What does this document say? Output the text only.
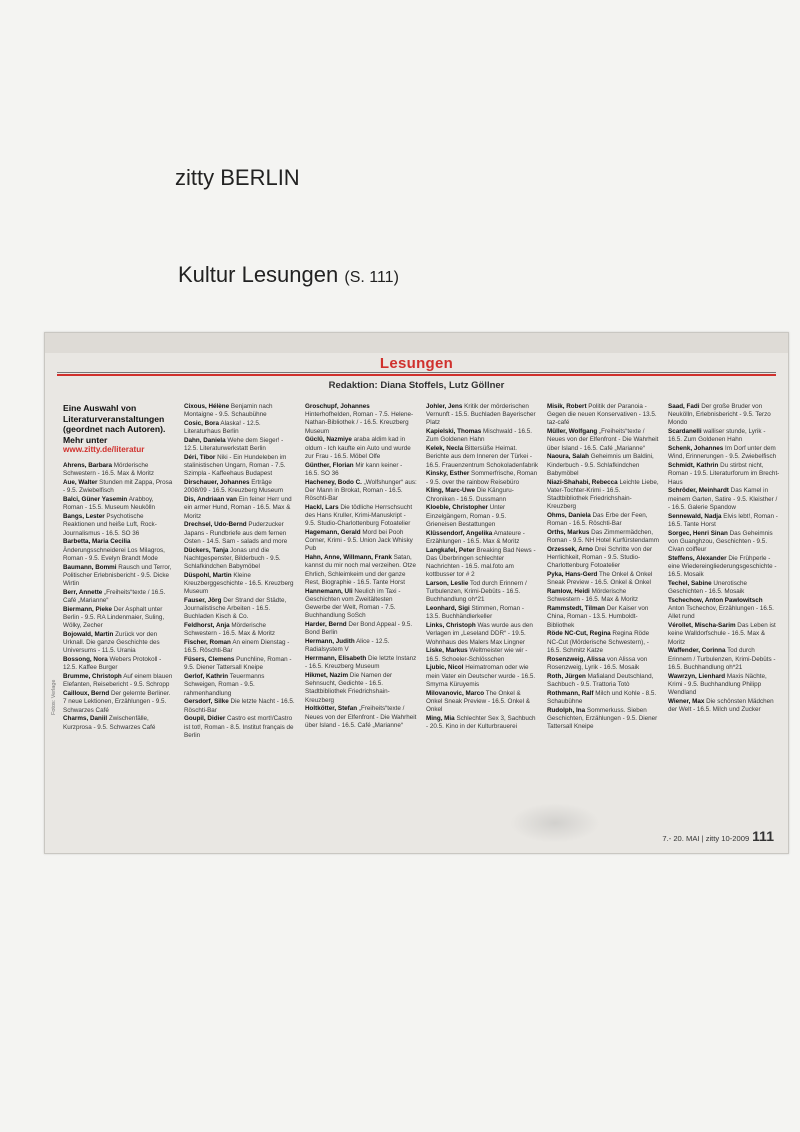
zitty BERLIN
Kultur Lesungen (S. 111)
Lesungen
Redaktion: Diana Stoffels, Lutz Göllner
Eine Auswahl von Literaturveranstaltungen (geordnet nach Autoren). Mehr unter
www.zitty.de/literatur

Ahrens, Barbara Mörderische Schwestern - 16.5. Max & Moritz

Aue, Walter Stunden mit Zappa, Prosa - 9.5. Zwiebelfisch

Balci, Güner Yasemin Arabboy, Roman - 15.5. Museum Neukölln

Bangs, Lester Psychotische Reaktionen und heiße Luft, Rock-Journalismus - 16.5. SO 36

Barbetta, Maria Cecilia Änderungsschneiderei Los Milagros, Roman - 9.5. Evelyn Brandt Mode

Baumann, Bommi Rausch und Terror, Politischer Erlebnisbericht - 9.5. Dicke Wirtin

Berr, Annette „Freiheits“texte / 16.5. Café „Marianne“

Biermann, Pieke Der Asphalt unter Berlin - 9.5. RA Lindenmaier, Suling, Wölky, Zecher

Bojowald, Martin Zurück vor den Urknall. Die ganze Geschichte des Universums - 11.5. Urania

Bossong, Nora Webers Protokoll - 12.5. Kaffee Burger

Brumme, Christoph Auf einem blauen Elefanten, Reisebericht - 9.5. Schropp

Cailloux, Bernd Der gelernte Berliner. 7 neue Lektionen, Erzählungen - 9.5. Schwarzes Café

Charms, Daniil Zwischenfälle, Kurzprosa - 9.5. Schwarzes Café

Cixous, Hélène Benjamin nach Montaigne - 9.5. Schaubühne

Cosic, Bora Alaska! - 12.5. Literaturhaus Berlin

Dahn, Daniela Wehe dem Sieger! - 12.5. Literaturwerkstatt Berlin

Déri, Tibor Niki - Ein Hundeleben im stalinistischen Ungarn, Roman - 7.5. Szimpla - Kaffeehaus Budapest

Dirschauer, Johannes Erträge 2008/09 - 16.5. Kreuzberg Museum

Dis, Andriaan van Ein feiner Herr und ein armer Hund, Roman - 16.5. Max & Moritz

Drechsel, Udo-Bernd Puderzucker Japans - Rundbriefe aus dem fernen Osten - 14.5. Sam - salads and more

Dückers, Tanja Jonas und die Nachtgespenster, Bilderbuch - 9.5. Schlafkindchen Babymöbel

Düspohl, Martin Kleine Kreuzberggeschichte - 16.5. Kreuzberg Museum

Fauser, Jörg Der Strand der Städte, Journalistische Arbeiten - 16.5. Buchladen Kisch & Co.

Feldhorst, Anja Mörderische Schwestern - 16.5. Max & Moritz

Fischer, Roman An einem Dienstag - 16.5. Röschti-Bar

Füsers, Clemens Punchline, Roman - 9.5. Diener Tattersall Kneipe

Gerlof, Kathrin Teuermanns Schweigen, Roman - 9.5. rahmenhandlung

Gersdorf, Silke Die letzte Nacht - 16.5. Röschti-Bar

Goupil, Didier Castro est mort!/Castro ist tot!, Roman - 8.5. Institut français de Berlin

Groschupf, Johannes Hinterhofhelden, Roman - 7.5. Helene-Nathan-Bibliothek / - 16.5. Kreuzberg Museum

Güclü, Nazmiye araba aldim kad in oldum - Ich kaufte ein Auto und wurde zur Frau - 16.5. Möbel Olfe

Günther, Florian Mir kann keiner - 16.5. SO 36

Hacheney, Bodo C. „Wolfshunger“ aus: Der Mann in Brokat, Roman - 16.5. Röschti-Bar

Hackl, Lars Die tödliche Herrschsucht des Hans Kruller, Krimi-Manuskript - 9.5. Studio-Charlottenburg Fotoatelier

Hagemann, Gerald Mord bei Pooh Corner, Krimi - 9.5. Union Jack Whisky Pub

Hahn, Anne, Willmann, Frank Satan, kannst du mir noch mal verzeihen. Otze Ehrlich, Schleimkeim und der ganze Rest, Biographie - 16.5. Tante Horst

Hannemann, Uli Neulich im Taxi - Geschichten vom Zweitältesten Gewerbe der Welt, Roman - 7.5. Buchhandlung SoSch

Harder, Bernd Der Bond Appeal - 9.5. Bond Berlin

Hermann, Judith Alice - 12.5. Radialsystem V

Herrmann, Elisabeth Die letzte Instanz - 16.5. Kreuzberg Museum

Hikmet, Nazim Die Namen der Sehnsucht, Gedichte - 16.5. Stadtbibliothek Friedrichshain-Kreuzberg

Holtkötter, Stefan „Freiheits“texte / Neues von der Elfenfront - Die Wahrheit über Island - 16.5. Café „Marianne“

Johler, Jens Kritik der mörderischen Vernunft - 15.5. Buchladen Bayerischer Platz

Kapielski, Thomas Mischwald - 16.5. Zum Goldenen Hahn

Kelek, Necla Bittersüße Heimat. Berichte aus dem Inneren der Türkei - 16.5. Frauenzentrum Schokoladenfabrik

Kinsky, Esther Sommerfrische, Roman - 9.5. over the rainbow Reisebüro

Kling, Marc-Uwe Die Känguru-Chroniken - 16.5. Dussmann

Kloeble, Christopher Unter Einzelgängern, Roman - 9.5. Grieneisen Bestattungen

Klüssendorf, Angelika Amateure - Erzählungen - 16.5. Max & Moritz

Langkafel, Peter Breaking Bad News - Das Überbringen schlechter Nachrichten - 16.5. mal.foto am kottbusser tor # 2

Larson, Leslie Tod durch Erinnern / Turbulenzen, Krimi-Debüts - 16.5. Buchhandlung oh*21

Leonhard, Sigi Stimmen, Roman - 13.5. Buchhändlerkeller

Links, Christoph Was wurde aus den Verlagen im „Leseland DDR“ - 19.5. Wohnhaus des Malers Max Lingner

Liske, Markus Weltmeister wie wir - 16.5. Schoeler-Schlösschen

Ljubic, Nicol Heimatroman oder wie mein Vater ein Deutscher wurde - 16.5. Smyrna Küruyemis

Milovanovic, Marco The Onkel & Onkel Sneak Preview - 16.5. Onkel & Onkel

Ming, Mia Schlechter Sex 3, Sachbuch - 20.5. Kino in der Kulturbrauerei

Misik, Robert Politik der Paranoia - Gegen die neuen Konservativen - 13.5. taz-café

Müller, Wolfgang „Freiheits“texte / Neues von der Elfenfront - Die Wahrheit über Island - 16.5. Café „Marianne“

Naoura, Salah Geheimnis um Baldini, Kinderbuch - 9.5. Schlafkindchen Babymöbel

Niazi-Shahabi, Rebecca Leichte Liebe, Vater-Tochter-Krimi - 16.5. Stadtbibliothek Friedrichshain-Kreuzberg

Ohms, Daniela Das Erbe der Feen, Roman - 16.5. Röschti-Bar

Orths, Markus Das Zimmermädchen, Roman - 9.5. NH Hotel Kurfürstendamm

Orzessek, Arno Drei Schritte von der Herrlichkeit, Roman - 9.5. Studio-Charlottenburg Fotoatelier

Pyka, Hans-Gerd The Onkel & Onkel Sneak Preview - 16.5. Onkel & Onkel

Ramlow, Heidi Mörderische Schwestern - 16.5. Max & Moritz

Rammstedt, Tilman Der Kaiser von China, Roman - 13.5. Humboldt-Bibliothek

Röde NC-Cut, Regina Regina Röde NC-Cut (Mörderische Schwestern), - 16.5. Schmitz Katze

Rosenzweig, Alissa von Alissa von Rosenzweig, Lyrik - 16.5. Mosaik

Roth, Jürgen Mafialand Deutschland, Sachbuch - 9.5. Trattoria Totò

Rothmann, Ralf Milch und Kohle - 8.5. Schaubühne

Rudolph, Ina Sommerkuss. Sieben Geschichten, Erzählungen - 9.5. Diener Tattersall Kneipe

Saad, Fadi Der große Bruder von Neukölln, Erlebnisbericht - 9.5. Terzo Mondo

Scardanelli walliser stunde, Lyrik - 16.5. Zum Goldenen Hahn

Schenk, Johannes Im Dorf unter dem Wind, Erinnerungen - 9.5. Zwiebelfisch

Schmidt, Kathrin Du stirbst nicht, Roman - 19.5. Literaturforum im Brecht-Haus

Schröder, Meinhardt Das Kamel in meinem Garten, Satire - 9.5. Kleisther / - 16.5. Galerie Spandow

Sennewald, Nadja Elvis lebt!, Roman - 16.5. Tante Horst

Sorgec, Henri Sinan Das Geheimnis von Guanghzou, Geschichten - 9.5. Civan coiffeur

Steffens, Alexander Die Frühperle - eine Wiedereingliederungsgeschichte - 16.5. Mosaik

Techel, Sabine Unerotische Geschichten - 16.5. Mosaik

Tschechow, Anton Pawlowitsch Anton Tschechov, Erzählungen - 16.5. Allet rund

Vérollet, Mischa-Sarim Das Leben ist keine Walldorfschule - 16.5. Max & Moritz

Waffender, Corinna Tod durch Erinnern / Turbulenzen, Krimi-Debüts - 16.5. Buchhandlung oh*21

Wawrzyn, Lienhard Maxis Nächte, Krimi - 9.5. Buchhandlung Philipp Wendland

Wiener, Max Die schönsten Mädchen der Welt - 16.5. Milch und Zucker

Fotos: Verlage
7.- 20. MAI | zitty 10-2009 111
